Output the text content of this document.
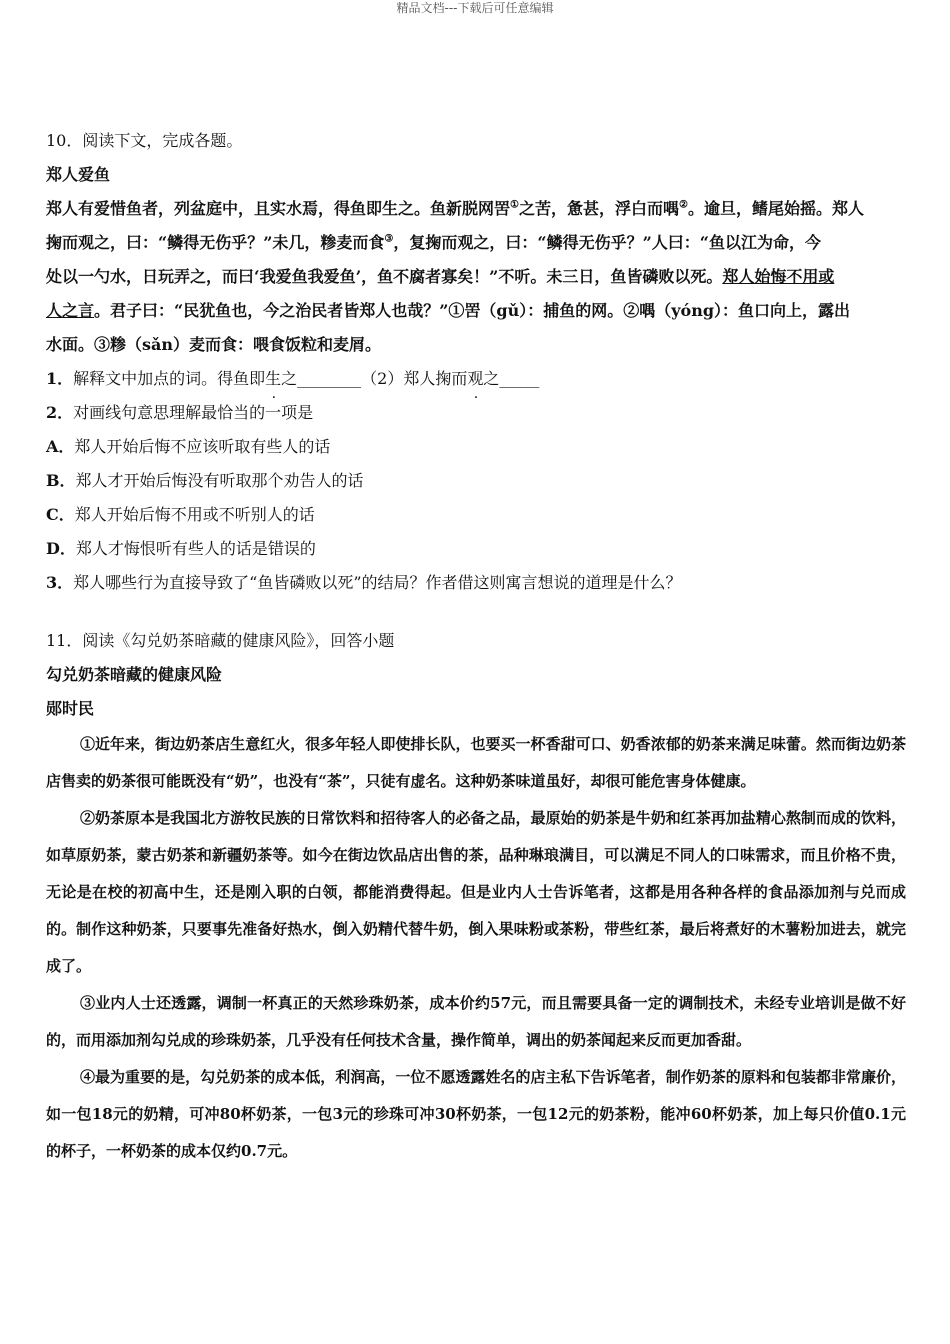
精品文档---下载后可任意编辑
10．阅读下文，完成各题。
郑人爱鱼
郑人有爱惜鱼者，列盆庭中，且实水焉，得鱼即生之。鱼新脱网罟①之苦，惫甚，浮白而喁②。逾旦，鳍尾始摇。郑人
掬而观之，曰：“鳞得无伤乎？”未几，糁麦而食③，复掬而观之，曰：“鳞得无伤乎？”人曰：“鱼以江为命，今
处以一勺水，日玩弄之，而曰‘我爱鱼我爱鱼’，鱼不腐者寡矣！”不听。未三日，鱼皆磷败以死。郑人始悔不用或
人之言。君子曰：“民犹鱼也，今之治民者皆郑人也哉？”①罟（gǔ）：捕鱼的网。②喁（yóng）：鱼口向上，露出
水面。③糁（sǎn）麦而食：喂食饭粒和麦屑。
1．解释文中加点的词。得鱼即生之________（2）郑人掬而观之_____
2．对画线句意思理解最恰当的一项是
A．郑人开始后悔不应该听取有些人的话
B．郑人才开始后悔没有听取那个劝告人的话
C．郑人开始后悔不用或不听别人的话
D．郑人才悔恨听有些人的话是错误的
3．郑人哪些行为直接导致了“鱼皆磷败以死”的结局？作者借这则寓言想说的道理是什么？
11．阅读《勾兑奶茶暗藏的健康风险》，回答小题
勾兑奶茶暗藏的健康风险
郧时民
①近年来，街边奶茶店生意红火，很多年轻人即使排长队，也要买一杯香甜可口、奶香浓郁的奶茶来满足味蕾。然而街边奶茶店售卖的奶茶很可能既没有“奶”，也没有“茶”，只徒有虚名。这种奶茶味道虽好，却很可能危害身体健康。
②奶茶原本是我国北方游牧民族的日常饮料和招待客人的必备之品，最原始的奶茶是牛奶和红茶再加盐精心熬制而成的饮料，如草原奶茶，蒙古奶茶和新疆奶茶等。如今在街边饮品店出售的茶，品种琳琅满目，可以满足不同人的口味需求，而且价格不贵，无论是在校的初高中生，还是刚入职的白领，都能消费得起。但是业内人士告诉笔者，这都是用各种各样的食品添加剂与兑而成的。制作这种奶茶，只要事先准备好热水，倒入奶精代替牛奶，倒入果味粉或茶粉，带些红茶，最后将煮好的木薯粉加进去，就完成了。
③业内人士还透露，调制一杯真正的天然珍珠奶茶，成本价约57元，而且需要具备一定的调制技术，未经专业培训是做不好的，而用添加剂勾兑成的珍珠奶茶，几乎没有任何技术含量，操作简单，调出的奶茶闻起来反而更加香甜。
④最为重要的是，勾兑奶茶的成本低，利润高，一位不愿透露姓名的店主私下告诉笔者，制作奶茶的原料和包装都非常廉价，如一包18元的奶精，可冲80杯奶茶，一包3元的珍珠可冲30杯奶茶，一包12元的奶茶粉，能冲60杯奶茶，加上每只价值0.1元的杯子，一杯奶茶的成本仅约0.7元。
